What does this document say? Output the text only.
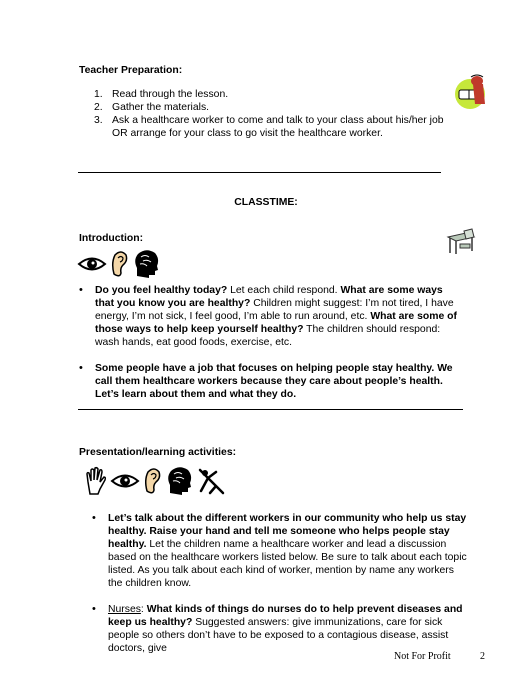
Teacher Preparation:
1. Read through the lesson.
2. Gather the materials.
3. Ask a healthcare worker to come and talk to your class about his/her job OR arrange for your class to go visit the healthcare worker.
CLASSTIME:
Introduction:
• Do you feel healthy today? Let each child respond. What are some ways that you know you are healthy? Children might suggest: I’m not tired, I have energy, I’m not sick, I feel good, I’m able to run around, etc. What are some of those ways to help keep yourself healthy? The children should respond: wash hands, eat good foods, exercise, etc.
• Some people have a job that focuses on helping people stay healthy. We call them healthcare workers because they care about people’s health. Let’s learn about them and what they do.
Presentation/learning activities:
• Let’s talk about the different workers in our community who help us stay healthy. Raise your hand and tell me someone who helps people stay healthy. Let the children name a healthcare worker and lead a discussion based on the healthcare workers listed below. Be sure to talk about each topic listed. As you talk about each kind of worker, mention by name any workers the children know.
• Nurses: What kinds of things do nurses do to help prevent diseases and keep us healthy? Suggested answers: give immunizations, care for sick people so others don’t have to be exposed to a contagious disease, assist doctors, give
Not For Profit	2
